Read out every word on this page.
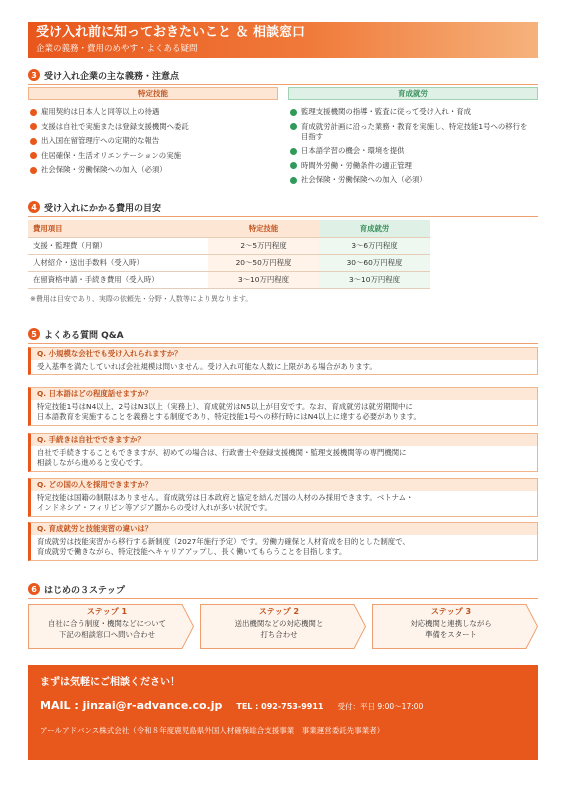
受け入れ前に知っておきたいこと ＆ 相談窓口
企業の義務・費用のめやす・よくある疑問
3 受け入れ企業の主な義務・注意点
特定技能	育成就労
雇用契約は日本人と同等以上の待遇
支援は自社で実施または登録支援機関へ委託
出入国在留管理庁への定期的な報告
住居確保・生活オリエンテーションの実施
社会保険・労働保険への加入（必須）
監理支援機関の指導・監査に従って受け入れ・育成
育成就労計画に沿った業務・教育を実施し、特定技能1号への移行を目指す
日本語学習の機会・環境を提供
時間外労働・労働条件の適正管理
社会保険・労働保険への加入（必須）
4 受け入れにかかる費用の目安
費用項目	特定技能	育成就労
支援・監理費（月額）	2～5万円程度	3～6万円程度
人材紹介・送出手数料（受入時）	20～50万円程度	30～60万円程度
在留資格申請・手続き費用（受入時）	3～10万円程度	3～10万円程度
※費用は目安であり、実際の依頼先・分野・人数等により異なります。
5 よくある質問 Q&A
Q. 小規模な会社でも受け入れられますか？
受入基準を満たしていれば会社規模は問いません。受け入れ可能な人数に上限がある場合があります。
Q. 日本語はどの程度話せますか？
特定技能1号はN4以上、2号はN3以上（実務上）、育成就労はN5以上が目安です。なお、育成就労は就労期間中に
日本語教育を実施することを義務とする制度であり、特定技能1号への移行時にはN4以上に達する必要があります。
Q. 手続きは自社でできますか？
自社で手続きすることもできますが、初めての場合は、行政書士や登録支援機関・監理支援機関等の専門機関に
相談しながら進めると安心です。
Q. どの国の人を採用できますか？
特定技能は国籍の制限はありません。育成就労は日本政府と協定を結んだ国の人材のみ採用できます。ベトナム・
インドネシア・フィリピン等アジア圏からの受け入れが多い状況です。
Q. 育成就労と技能実習の違いは？
育成就労は技能実習から移行する新制度（2027年施行予定）です。労働力確保と人材育成を目的とした制度で、
育成就労で働きながら、特定技能へキャリアアップし、長く働いてもらうことを目指します。
6 はじめの３ステップ
ステップ 1
自社に合う制度・機関などについて
下記の相談窓口へ問い合わせ
ステップ 2
送出機関などの対応機関と
打ち合わせ
ステップ 3
対応機関と連携しながら
準備をスタート
まずは気軽にご相談ください！
MAIL : jinzai@r-advance.co.jp TEL : 092-753-9911 受付：平日 9:00～17:00
アールアドバンス株式会社（令和８年度鹿児島県外国人材確保総合支援事業　事業運営委託先事業者）
